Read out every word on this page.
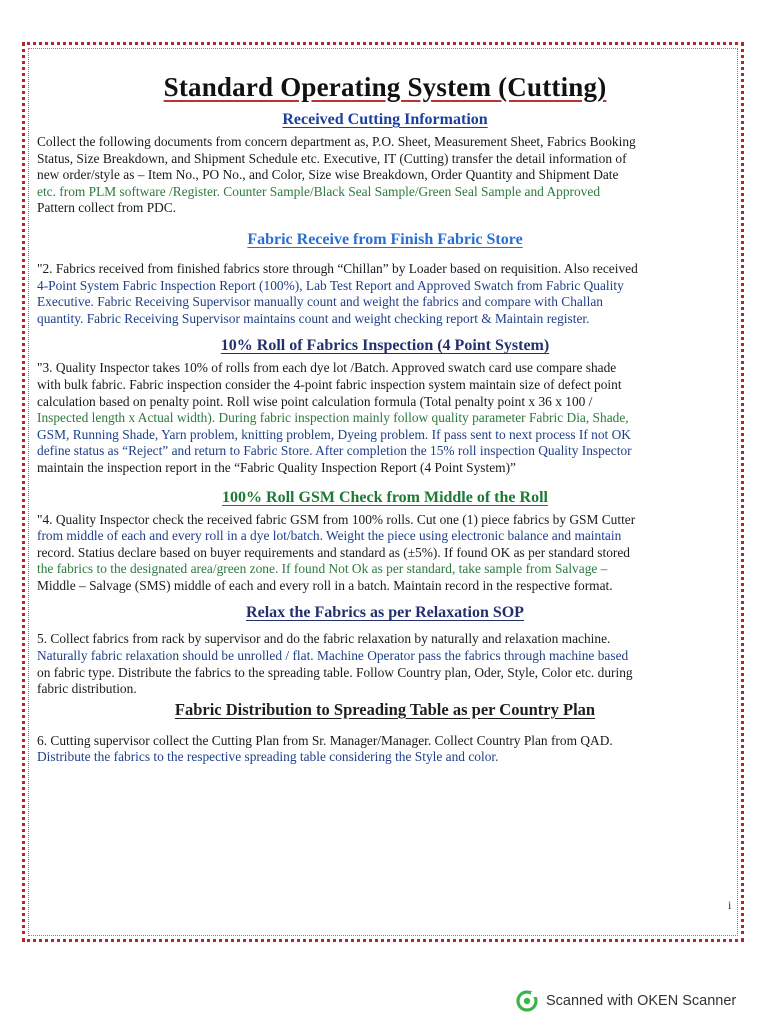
Standard Operating System (Cutting)
Received Cutting Information

Collect the following documents from concern department as, P.O. Sheet, Measurement Sheet, Fabrics Booking
Status, Size Breakdown, and Shipment Schedule etc. Executive, IT (Cutting) transfer the detail information of
new order/style as – Item No., PO No., and Color, Size wise Breakdown, Order Quantity and Shipment Date
etc. from PLM software /Register. Counter Sample/Black Seal Sample/Green Seal Sample and Approved
Pattern collect from PDC.

Fabric Receive from Finish Fabric Store

"2. Fabrics received from finished fabrics store through “Chillan” by Loader based on requisition. Also received
4-Point System Fabric Inspection Report (100%), Lab Test Report and Approved Swatch from Fabric Quality
Executive. Fabric Receiving Supervisor manually count and weight the fabrics and compare with Challan
quantity. Fabric Receiving Supervisor maintains count and weight checking report & Maintain register.

10% Roll of Fabrics Inspection (4 Point System)

"3. Quality Inspector takes 10% of rolls from each dye lot /Batch. Approved swatch card use compare shade
with bulk fabric. Fabric inspection consider the 4-point fabric inspection system maintain size of defect point
calculation based on penalty point. Roll wise point calculation formula (Total penalty point x 36 x 100 /
Inspected length x Actual width). During fabric inspection mainly follow quality parameter Fabric Dia, Shade,
GSM, Running Shade, Yarn problem, knitting problem, Dyeing problem. If pass sent to next process If not OK
define status as “Reject” and return to Fabric Store. After completion the 15% roll inspection Quality Inspector
maintain the inspection report in the “Fabric Quality Inspection Report (4 Point System)”

100% Roll GSM Check from Middle of the Roll

"4. Quality Inspector check the received fabric GSM from 100% rolls. Cut one (1) piece fabrics by GSM Cutter
from middle of each and every roll in a dye lot/batch. Weight the piece using electronic balance and maintain
record. Statius declare based on buyer requirements and standard as (±5%). If found OK as per standard stored
the fabrics to the designated area/green zone. If found Not Ok as per standard, take sample from Salvage –
Middle – Salvage (SMS) middle of each and every roll in a batch. Maintain record in the respective format.

Relax the Fabrics as per Relaxation SOP

5. Collect fabrics from rack by supervisor and do the fabric relaxation by naturally and relaxation machine.
Naturally fabric relaxation should be unrolled / flat. Machine Operator pass the fabrics through machine based
on fabric type. Distribute the fabrics to the spreading table. Follow Country plan, Oder, Style, Color etc. during
fabric distribution.

Fabric Distribution to Spreading Table as per Country Plan

6. Cutting supervisor collect the Cutting Plan from Sr. Manager/Manager. Collect Country Plan from QAD.
Distribute the fabrics to the respective spreading table considering the Style and color.

i
Scanned with OKEN Scanner
